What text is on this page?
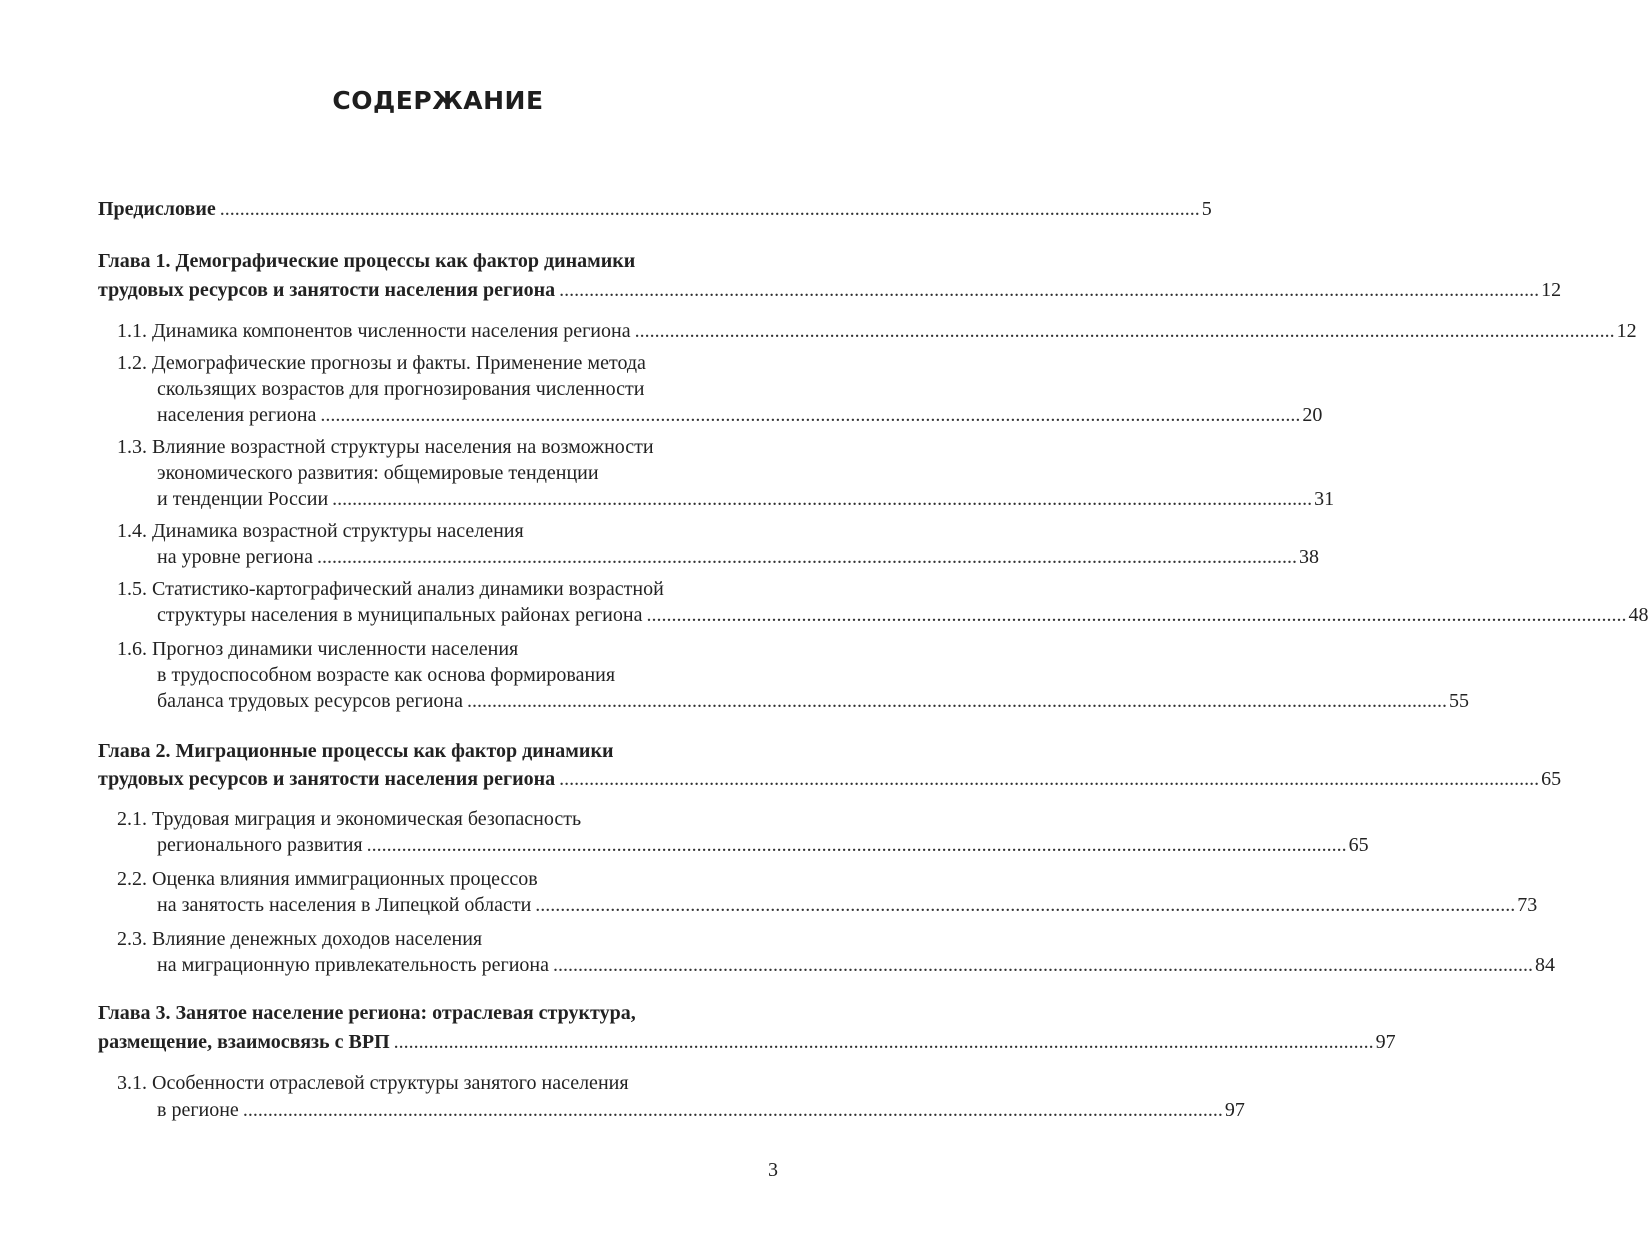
СОДЕРЖАНИЕ
Предисловие .................................................................................................................................................................................................... 5
Глава 1. Демографические процессы как фактор динамики
трудовых ресурсов и занятости населения региона .................................................................................................................................................................................................... 12
1.1. Динамика компонентов численности населения региона .................................................................................................................................................................................................... 12
1.2. Демографические прогнозы и факты. Применение метода
скользящих возрастов для прогнозирования численности
населения региона .................................................................................................................................................................................................... 20
1.3. Влияние возрастной структуры населения на возможности
экономического развития: общемировые тенденции
и тенденции России .................................................................................................................................................................................................... 31
1.4. Динамика возрастной структуры населения
на уровне региона .................................................................................................................................................................................................... 38
1.5. Статистико-картографический анализ динамики возрастной
структуры населения в муниципальных районах региона .................................................................................................................................................................................................... 48
1.6. Прогноз динамики численности населения
в трудоспособном возрасте как основа формирования
баланса трудовых ресурсов региона .................................................................................................................................................................................................... 55
Глава 2. Миграционные процессы как фактор динамики
трудовых ресурсов и занятости населения региона .................................................................................................................................................................................................... 65
2.1. Трудовая миграция и экономическая безопасность
регионального развития .................................................................................................................................................................................................... 65
2.2. Оценка влияния иммиграционных процессов
на занятость населения в Липецкой области .................................................................................................................................................................................................... 73
2.3. Влияние денежных доходов населения
на миграционную привлекательность региона .................................................................................................................................................................................................... 84
Глава 3. Занятое население региона: отраслевая структура,
размещение, взаимосвязь с ВРП .................................................................................................................................................................................................... 97
3.1. Особенности отраслевой структуры занятого населения
в регионе .................................................................................................................................................................................................... 97
3
